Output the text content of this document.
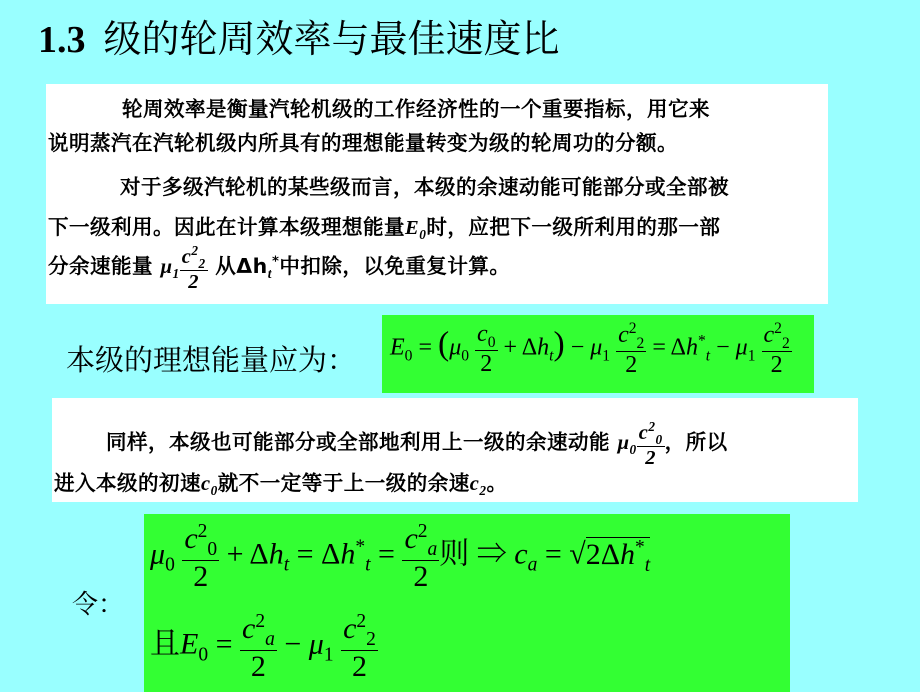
1.3 级的轮周效率与最佳速度比

轮周效率是衡量汽轮机级的工作经济性的一个重要指标，用它来

说明蒸汽在汽轮机级内所具有的理想能量转变为级的轮周功的分额。

对于多级汽轮机的某些级而言，本级的余速动能可能部分或全部被

下一级利用。因此在计算本级理想能量$E_0$时，应把下一级所利用的那一部

分余速能量 $\mu_1 \frac{c^2_2}{2}$ 从$\Delta h_t^*$中扣除，以免重复计算。

本级的理想能量应为： $E_0 = (\mu_0 \frac{c_0}{2} + \Delta h_t) - \mu_1 \frac{c^2_2}{2} = \Delta h^*_t - \mu_1 \frac{c^2_2}{2}$

同样，本级也可能部分或全部地利用上一级的余速动能 $\mu_0 \frac{c^2_0}{2}$ ，所以

进入本级的初速$c_0$就不一定等于上一级的余速$c_2$。

令：
$\mu_0 \frac{c^2_0}{2} + \Delta h_t = \Delta h^*_t = \frac{c^2_a}{2}$ 则 ⇒ $c_a = √2\Delta h^*_t$
且$E_0 = \frac{c^2_a}{2} - \mu_1 \frac{c^2_2}{2}$
